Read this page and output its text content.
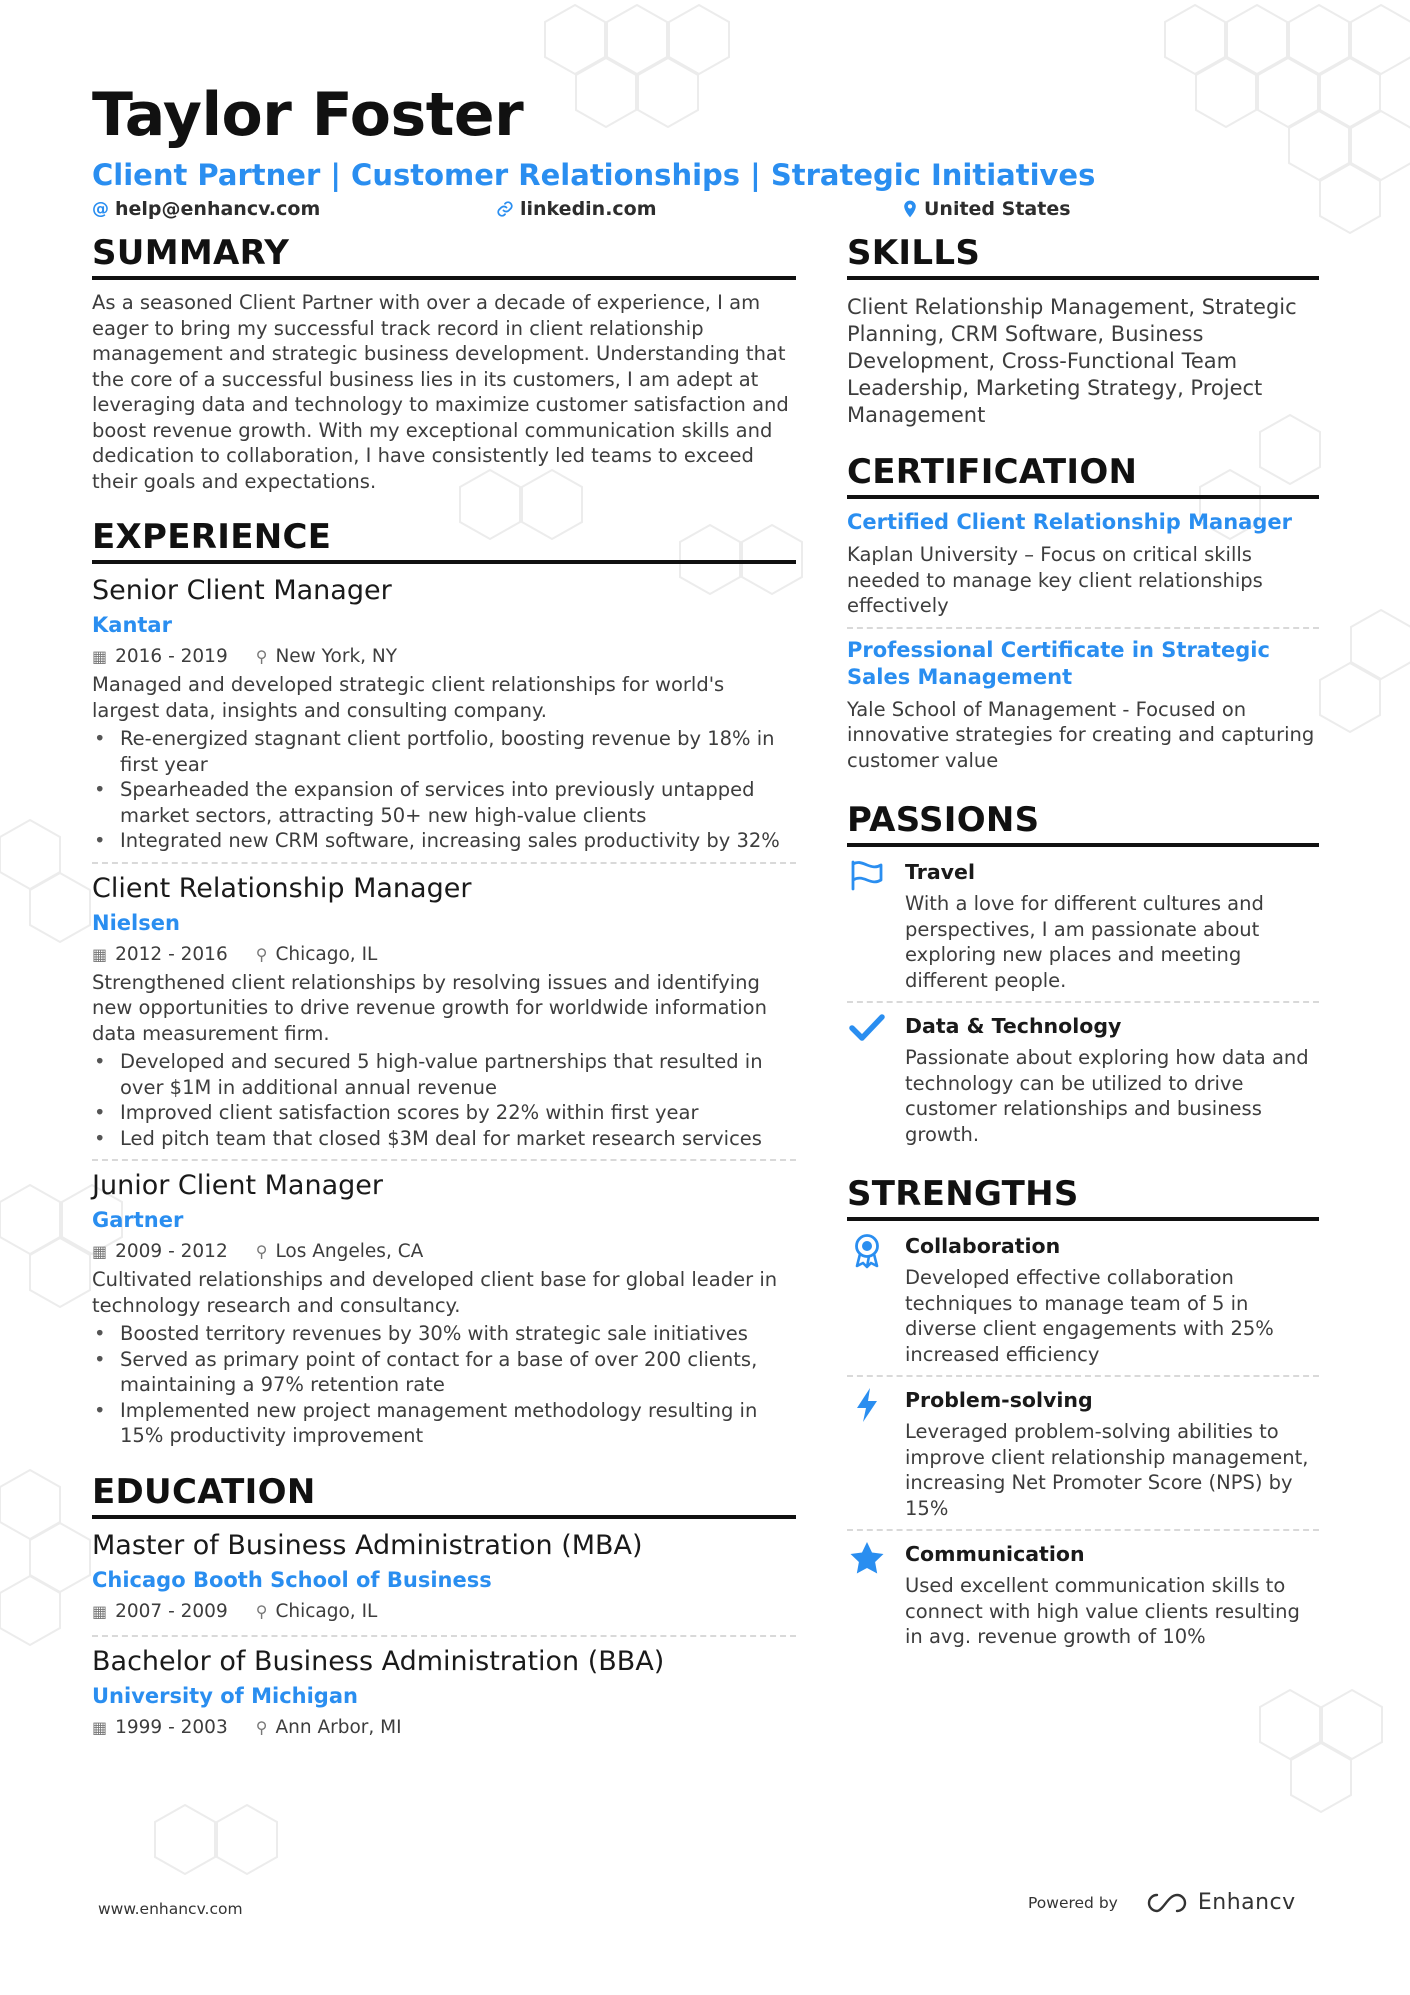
Taylor Foster
Client Partner | Customer Relationships | Strategic Initiatives
@ help@enhancv.com	linkedin.com	United States
SUMMARY
As a seasoned Client Partner with over a decade of experience, I am eager to bring my successful track record in client relationship management and strategic business development. Understanding that the core of a successful business lies in its customers, I am adept at leveraging data and technology to maximize customer satisfaction and boost revenue growth. With my exceptional communication skills and dedication to collaboration, I have consistently led teams to exceed their goals and expectations.
EXPERIENCE
Senior Client Manager
Kantar
▦ 2016 - 2019 ⚲ New York, NY
Managed and developed strategic client relationships for world's largest data, insights and consulting company.
• Re-energized stagnant client portfolio, boosting revenue by 18% in first year
• Spearheaded the expansion of services into previously untapped market sectors, attracting 50+ new high-value clients
• Integrated new CRM software, increasing sales productivity by 32%
Client Relationship Manager
Nielsen
▦ 2012 - 2016 ⚲ Chicago, IL
Strengthened client relationships by resolving issues and identifying new opportunities to drive revenue growth for worldwide information data measurement firm.
• Developed and secured 5 high-value partnerships that resulted in over $1M in additional annual revenue
• Improved client satisfaction scores by 22% within first year
• Led pitch team that closed $3M deal for market research services
Junior Client Manager
Gartner
▦ 2009 - 2012 ⚲ Los Angeles, CA
Cultivated relationships and developed client base for global leader in technology research and consultancy.
• Boosted territory revenues by 30% with strategic sale initiatives
• Served as primary point of contact for a base of over 200 clients, maintaining a 97% retention rate
• Implemented new project management methodology resulting in 15% productivity improvement
EDUCATION
Master of Business Administration (MBA)
Chicago Booth School of Business
▦ 2007 - 2009 ⚲ Chicago, IL
Bachelor of Business Administration (BBA)
University of Michigan
▦ 1999 - 2003 ⚲ Ann Arbor, MI
SKILLS
Client Relationship Management, Strategic Planning, CRM Software, Business Development, Cross-Functional Team Leadership, Marketing Strategy, Project Management
CERTIFICATION
Certified Client Relationship Manager
Kaplan University – Focus on critical skills needed to manage key client relationships effectively
Professional Certificate in Strategic Sales Management
Yale School of Management - Focused on innovative strategies for creating and capturing customer value
PASSIONS
Travel
With a love for different cultures and perspectives, I am passionate about exploring new places and meeting different people.
Data & Technology
Passionate about exploring how data and technology can be utilized to drive customer relationships and business growth.
STRENGTHS
Collaboration
Developed effective collaboration techniques to manage team of 5 in diverse client engagements with 25% increased efficiency
Problem-solving
Leveraged problem-solving abilities to improve client relationship management, increasing Net Promoter Score (NPS) by 15%
Communication
Used excellent communication skills to connect with high value clients resulting in avg. revenue growth of 10%
www.enhancv.com	Powered by	Enhancv
